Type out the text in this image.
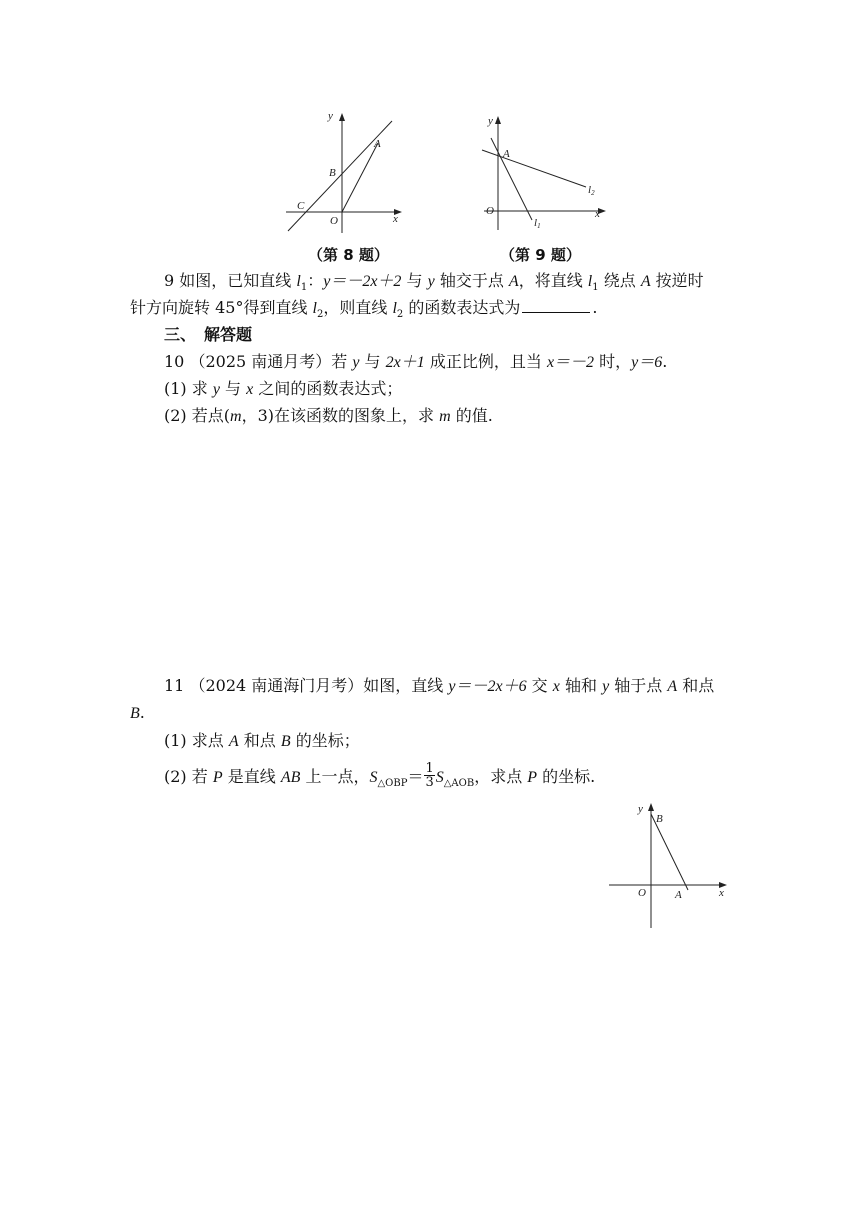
y
x
O
A
B
C
（第 8 题）
y
x
O
A
l2
l1
（第 9 题）
9 如图，已知直线 $l_1$：y＝－2x＋2 与 y 轴交于点 A，将直线 $l_1$ 绕点 A 按逆时
针方向旋转 45°得到直线 $l_2$，则直线 $l_2$ 的函数表达式为	.
三、　解答题
10 （2025 南通月考）若 y 与 2x＋1 成正比例，且当 x＝－2 时，y＝6.
(1) 求 y 与 x 之间的函数表达式；
(2) 若点(m，3)在该函数的图象上，求 m 的值.
11 （2024 南通海门月考）如图，直线 y＝－2x＋6 交 x 轴和 y 轴于点 A 和点
B.
(1) 求点 A 和点 B 的坐标；
(2) 若 P 是直线 AB 上一点，$S_{\triangle OBP}= \frac{1}{3} S_{\triangle AOB}$，求点 P 的坐标.
y
x
O	A
B
